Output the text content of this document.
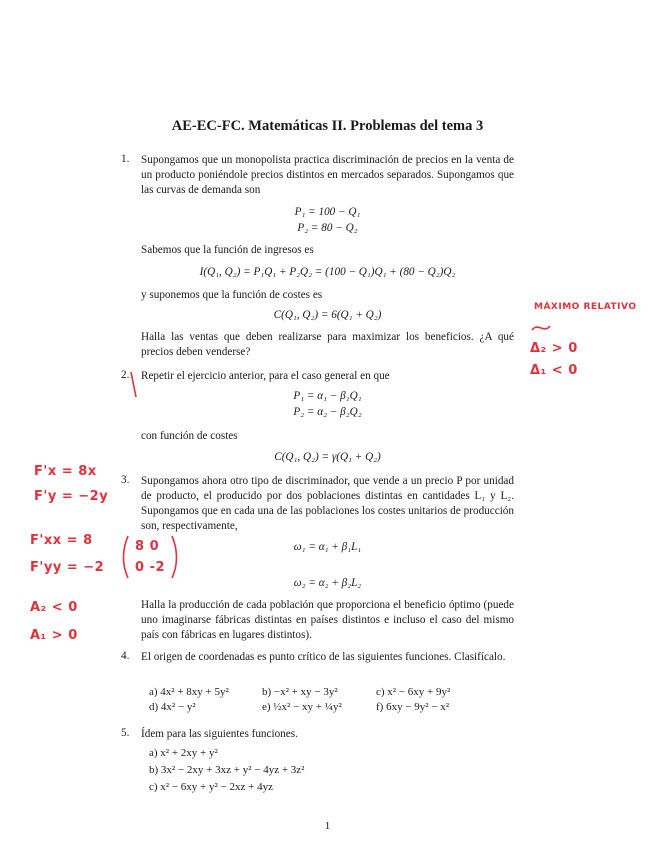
AE-EC-FC. Matemáticas II. Problemas del tema 3
1. Supongamos que un monopolista practica discriminación de precios en la venta de un producto poniéndole precios distintos en mercados separados. Supongamos que las curvas de demanda son
P₁ = 100 − Q₁
P₂ = 80 − Q₂
Sabemos que la función de ingresos es
I(Q₁, Q₂) = P₁Q₁ + P₂Q₂ = (100 − Q₁)Q₁ + (80 − Q₂)Q₂
y suponemos que la función de costes es
C(Q₁, Q₂) = 6(Q₁ + Q₂)
Halla las ventas que deben realizarse para maximizar los beneficios. ¿A qué precios deben venderse?
2. Repetir el ejercicio anterior, para el caso general en que
P₁ = α₁ − β₁Q₁
P₂ = α₂ − β₂Q₂
con función de costes
C(Q₁, Q₂) = γ(Q₁ + Q₂)
3. Supongamos ahora otro tipo de discriminador, que vende a un precio P por unidad de producto, el producido por dos poblaciones distintas en cantidades L₁ y L₂. Supongamos que en cada una de las poblaciones los costes unitarios de producción son, respectivamente,
ω₁ = α₁ + β₁L₁
ω₂ = α₂ + β₂L₂
Halla la producción de cada población que proporciona el beneficio óptimo (puede uno imaginarse fábricas distintas en países distintos e incluso el caso del mismo país con fábricas en lugares distintos).
4. El origen de coordenadas es punto crítico de las siguientes funciones. Clasifícalo.
a) 4x² + 8xy + 5y²	b) −x² + xy − 3y²	c) x² − 6xy + 9y²
d) 4x² − y²	e) ½x² − xy + ¼y²	f) 6xy − 9y² − x²
5. Ídem para las siguientes funciones.
a) x² + 2xy + y²
b) 3x² − 2xy + 3xz + y² − 4yz + 3z²
c) x² − 6xy + y² − 2xz + 4yz
1
MÁXIMO RELATIVO
Δ₂ > 0
Δ₁ < 0
F'x = 8x
F'y = −2y
F'xx = 8
F'yy = −2
8 0
0 -2
A₂ < 0
A₁ > 0
